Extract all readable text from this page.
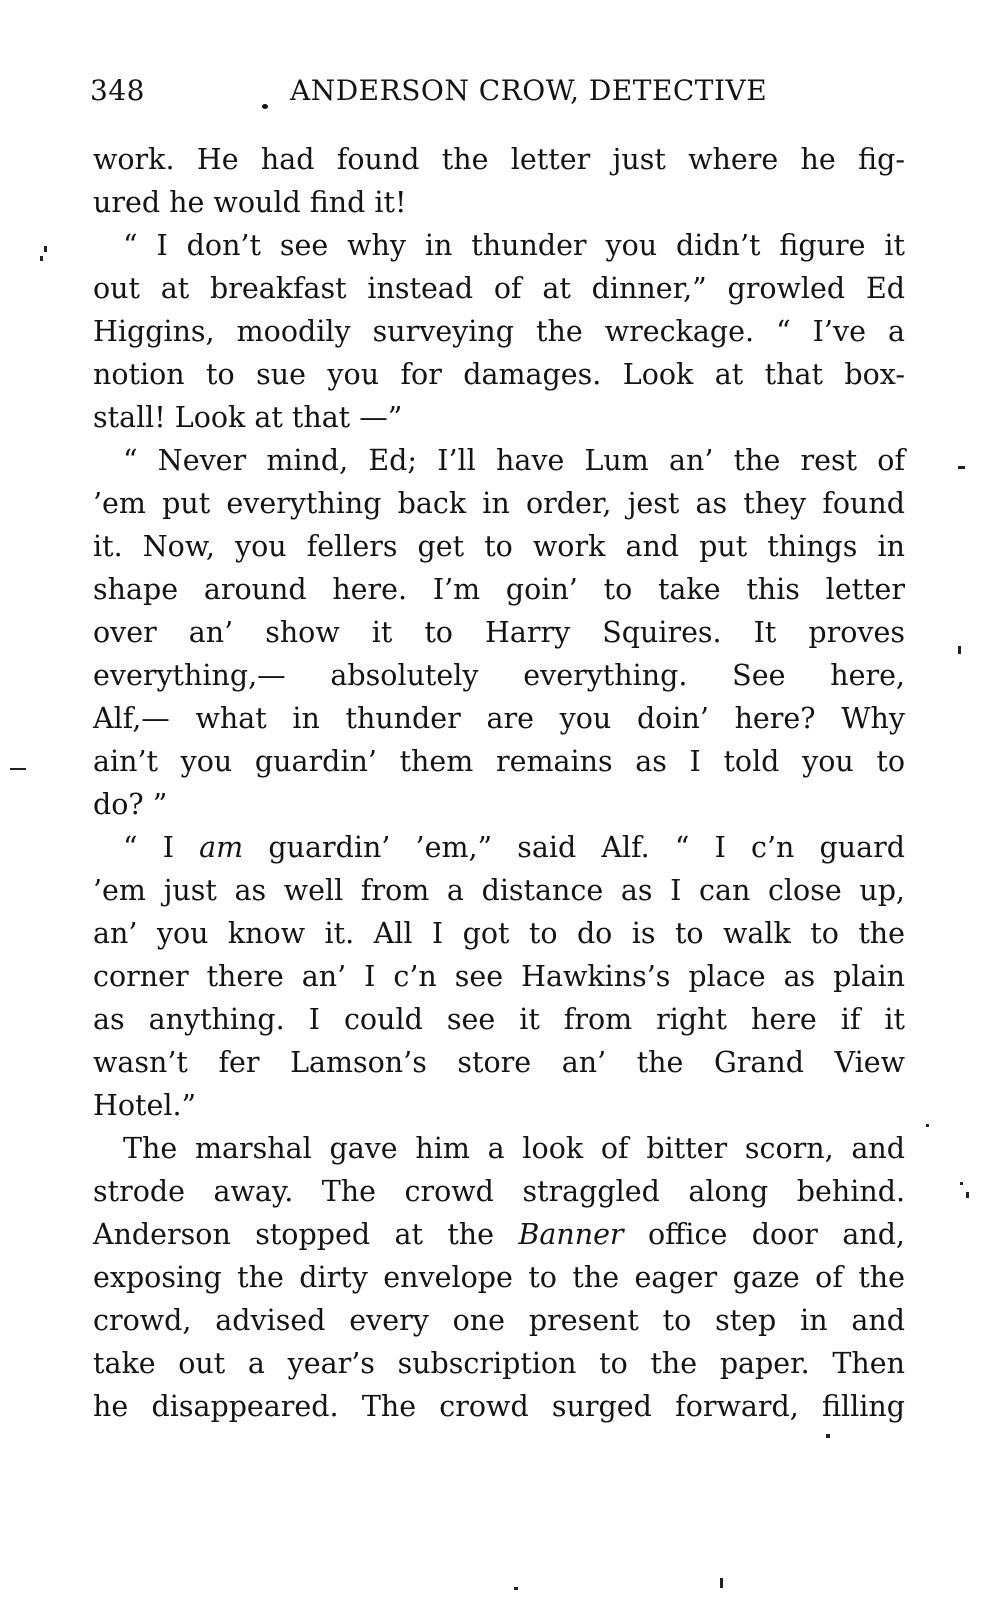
348	ANDERSON CROW, DETECTIVE
work. He had found the letter just where he fig-
ured he would find it!
“ I don’t see why in thunder you didn’t figure it
out at breakfast instead of at dinner,” growled Ed
Higgins, moodily surveying the wreckage. “ I’ve a
notion to sue you for damages. Look at that box-
stall! Look at that —”
“ Never mind, Ed; I’ll have Lum an’ the rest of
’em put everything back in order, jest as they found
it. Now, you fellers get to work and put things in
shape around here. I’m goin’ to take this letter
over an’ show it to Harry Squires. It proves
everything,— absolutely everything. See here,
Alf,— what in thunder are you doin’ here? Why
ain’t you guardin’ them remains as I told you to
do? ”
“ I am guardin’ ’em,” said Alf. “ I c’n guard
’em just as well from a distance as I can close up,
an’ you know it. All I got to do is to walk to the
corner there an’ I c’n see Hawkins’s place as plain
as anything. I could see it from right here if it
wasn’t fer Lamson’s store an’ the Grand View
Hotel.”
The marshal gave him a look of bitter scorn, and
strode away. The crowd straggled along behind.
Anderson stopped at the Banner office door and,
exposing the dirty envelope to the eager gaze of the
crowd, advised every one present to step in and
take out a year’s subscription to the paper. Then
he disappeared. The crowd surged forward, filling
